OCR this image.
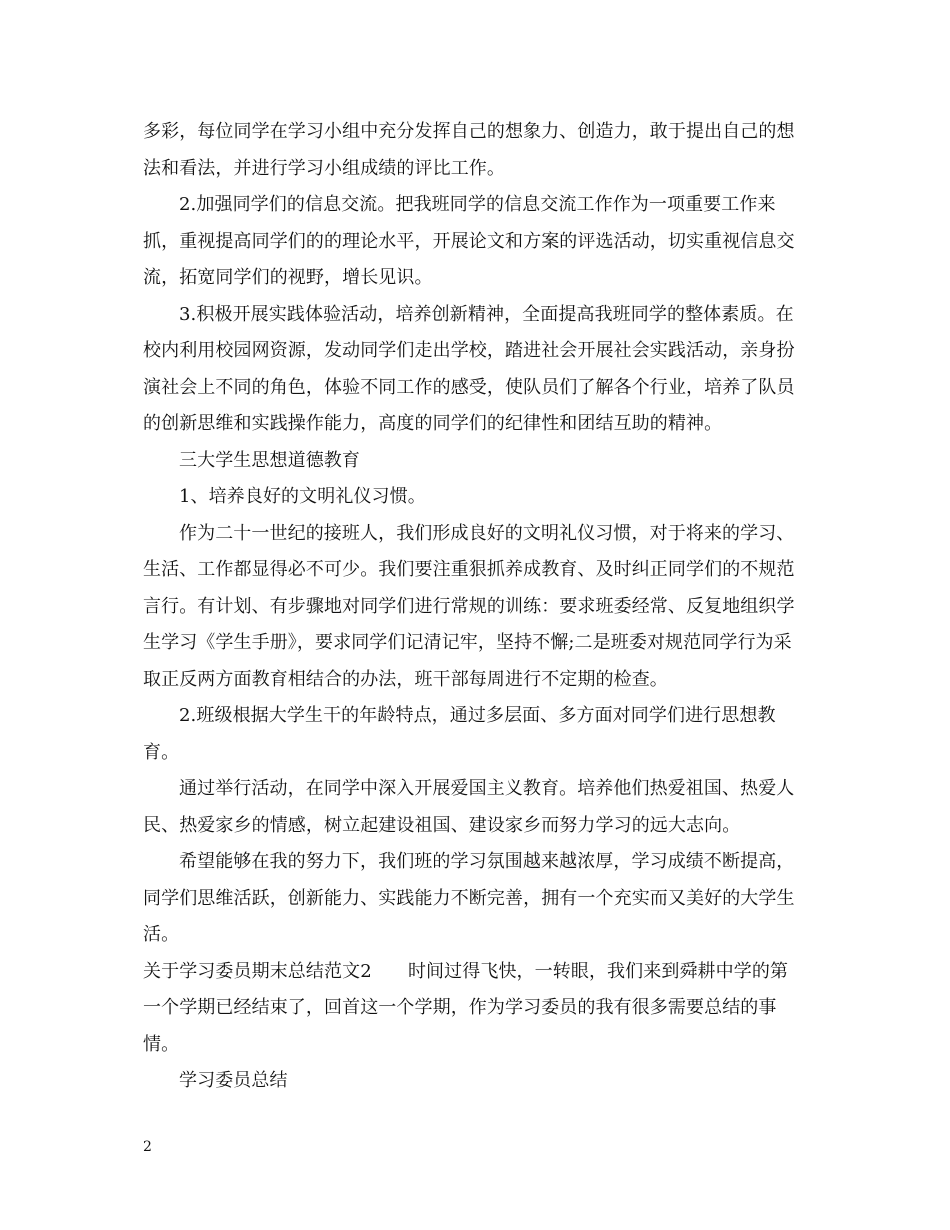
多彩，每位同学在学习小组中充分发挥自己的想象力、创造力，敢于提出自己的想法和看法，并进行学习小组成绩的评比工作。

2.加强同学们的信息交流。把我班同学的信息交流工作作为一项重要工作来抓，重视提高同学们的的理论水平，开展论文和方案的评选活动，切实重视信息交流，拓宽同学们的视野，增长见识。

3.积极开展实践体验活动，培养创新精神，全面提高我班同学的整体素质。在校内利用校园网资源，发动同学们走出学校，踏进社会开展社会实践活动，亲身扮演社会上不同的角色，体验不同工作的感受，使队员们了解各个行业，培养了队员的创新思维和实践操作能力，高度的同学们的纪律性和团结互助的精神。

三大学生思想道德教育

1、培养良好的文明礼仪习惯。

作为二十一世纪的接班人，我们形成良好的文明礼仪习惯，对于将来的学习、生活、工作都显得必不可少。我们要注重狠抓养成教育、及时纠正同学们的不规范言行。有计划、有步骤地对同学们进行常规的训练：要求班委经常、反复地组织学生学习《学生手册》，要求同学们记清记牢，坚持不懈;二是班委对规范同学行为采取正反两方面教育相结合的办法，班干部每周进行不定期的检查。

2.班级根据大学生干的年龄特点，通过多层面、多方面对同学们进行思想教育。

通过举行活动，在同学中深入开展爱国主义教育。培养他们热爱祖国、热爱人民、热爱家乡的情感，树立起建设祖国、建设家乡而努力学习的远大志向。

希望能够在我的努力下，我们班的学习氛围越来越浓厚，学习成绩不断提高，同学们思维活跃，创新能力、实践能力不断完善，拥有一个充实而又美好的大学生活。

关于学习委员期末总结范文2　　时间过得飞快，一转眼，我们来到舜耕中学的第一个学期已经结束了，回首这一个学期，作为学习委员的我有很多需要总结的事情。

学习委员总结

2
